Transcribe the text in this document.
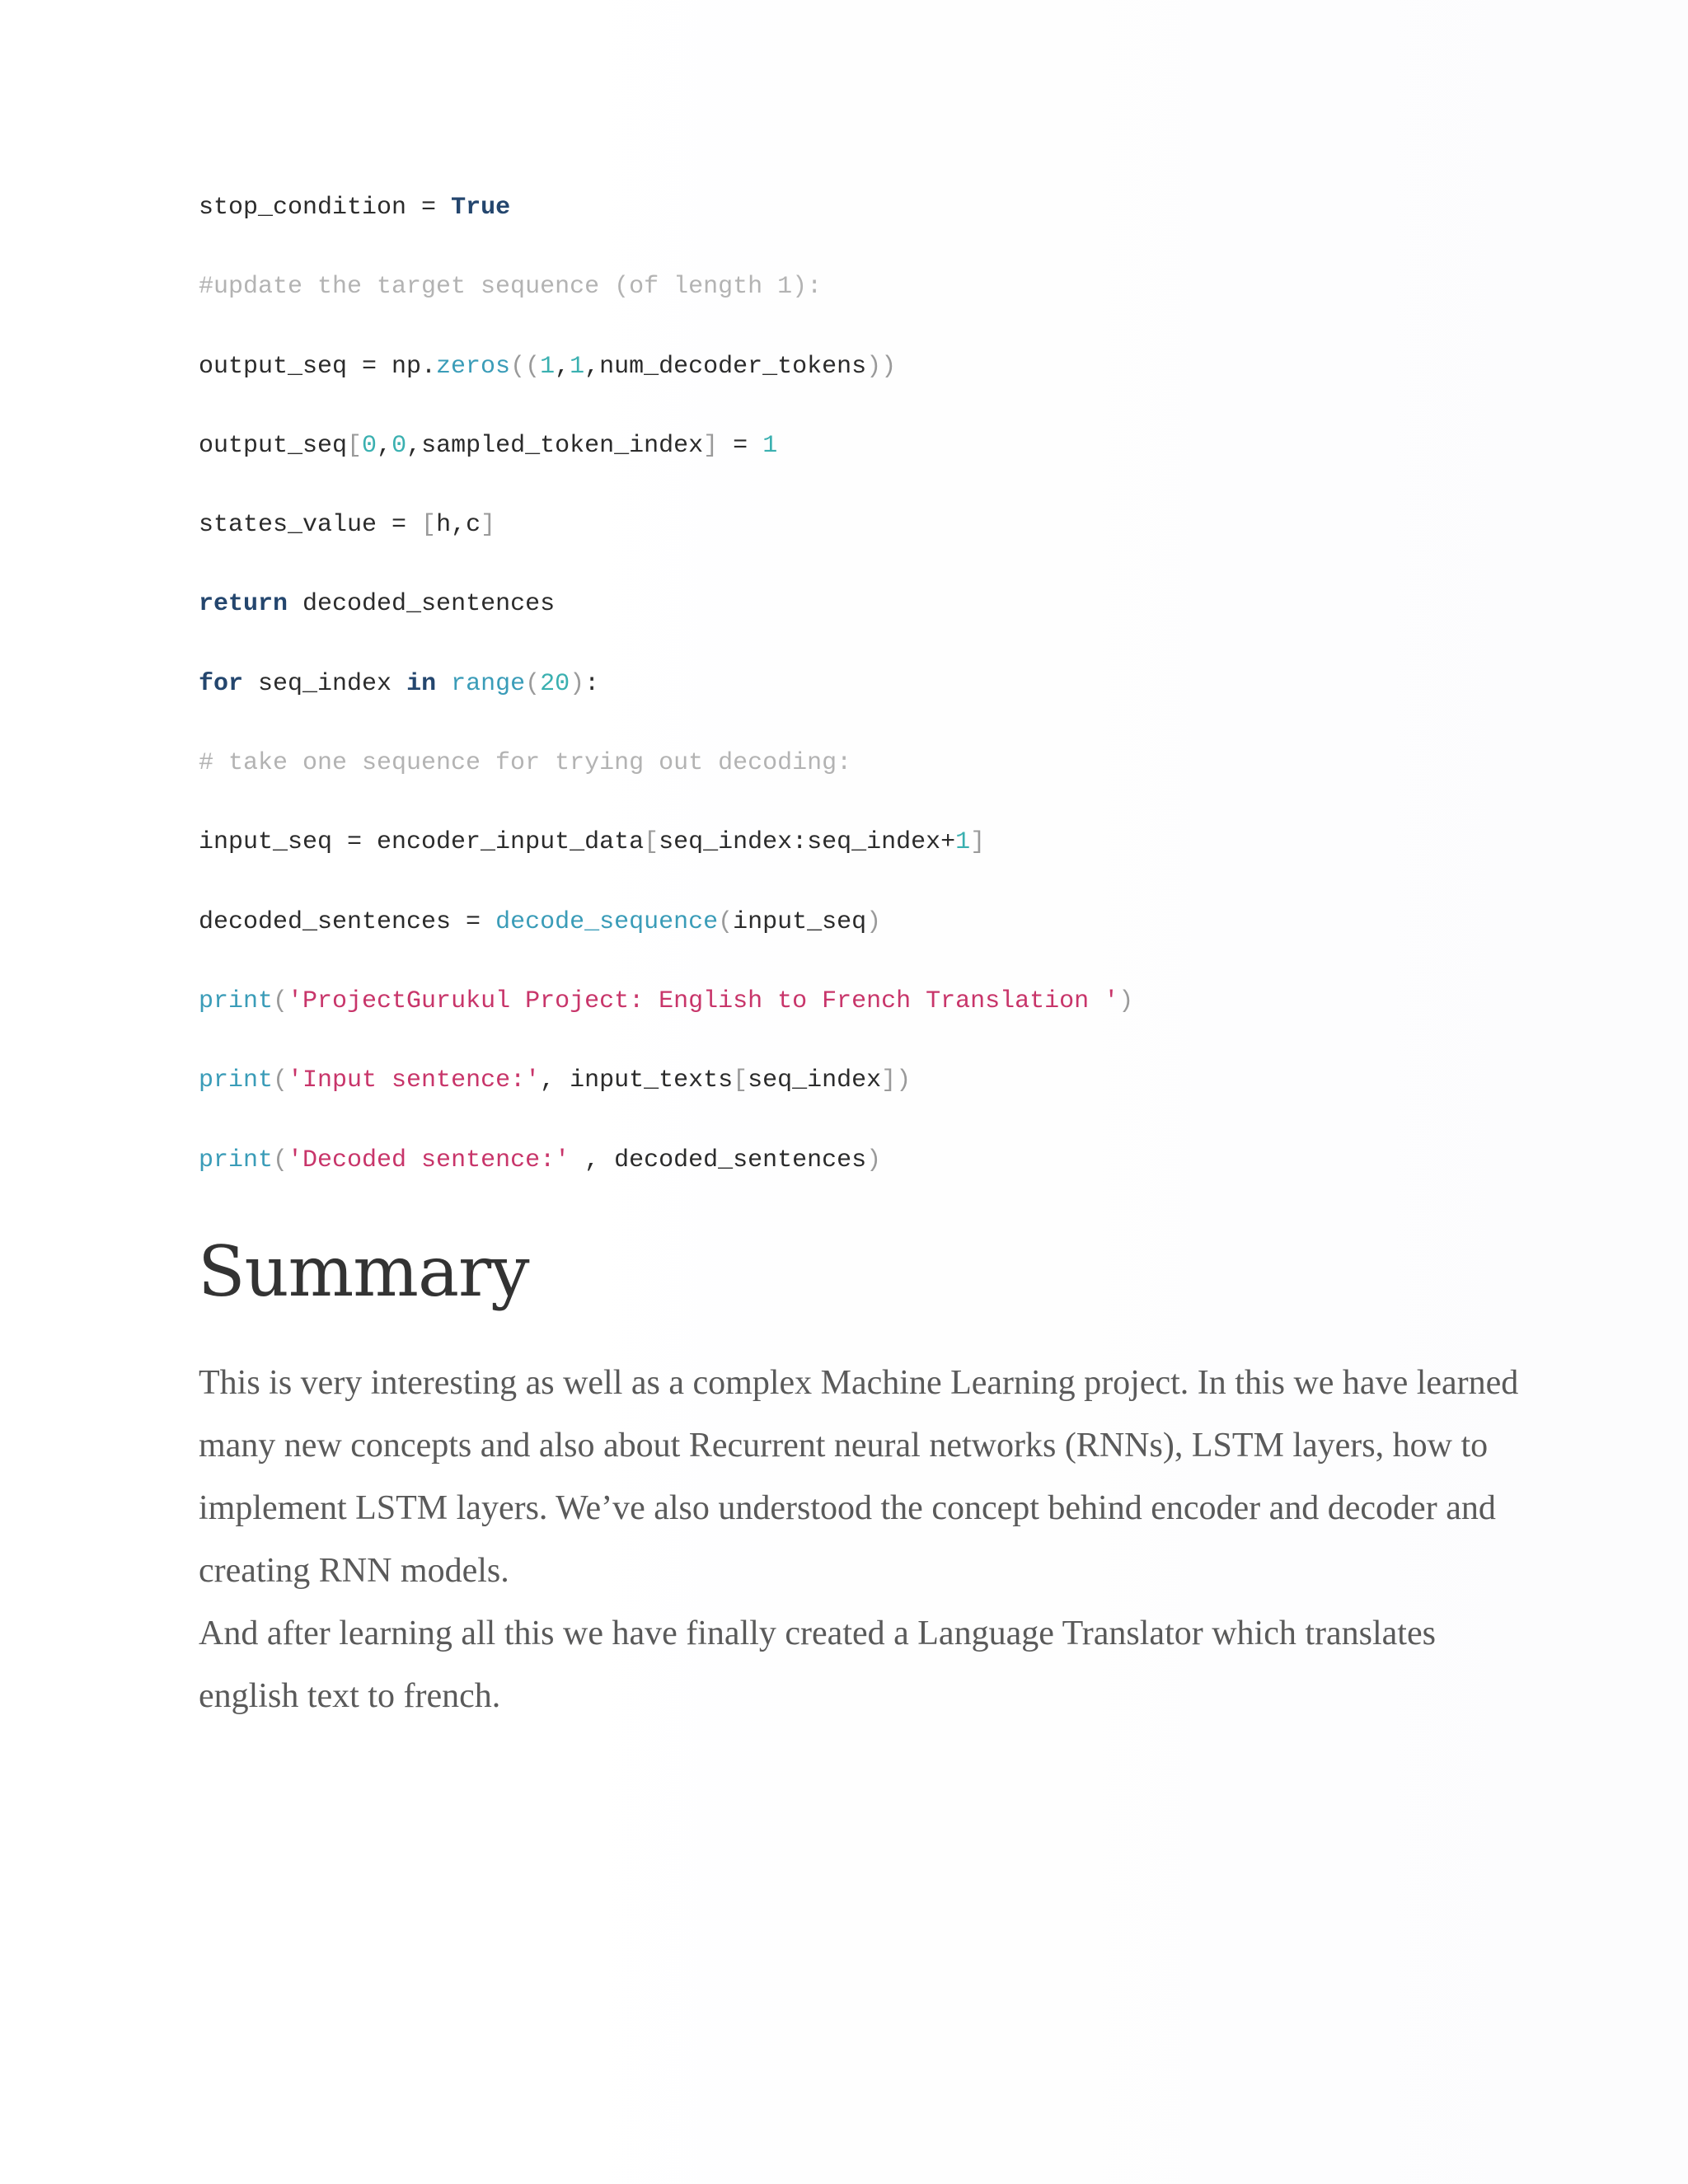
stop_condition = True
#update the target sequence (of length 1):
output_seq = np.zeros((1,1,num_decoder_tokens))
output_seq[0,0,sampled_token_index] = 1
states_value = [h,c]
return decoded_sentences
for seq_index in range(20):
# take one sequence for trying out decoding:
input_seq = encoder_input_data[seq_index:seq_index+1]
decoded_sentences = decode_sequence(input_seq)
print('ProjectGurukul Project: English to French Translation ')
print('Input sentence:', input_texts[seq_index])
print('Decoded sentence:' , decoded_sentences)
Summary

This is very interesting as well as a complex Machine Learning project. In this we have learned many new concepts and also about Recurrent neural networks (RNNs), LSTM layers, how to implement LSTM layers. We’ve also understood the concept behind encoder and decoder and creating RNN models.

And after learning all this we have finally created a Language Translator which translates english text to french.
